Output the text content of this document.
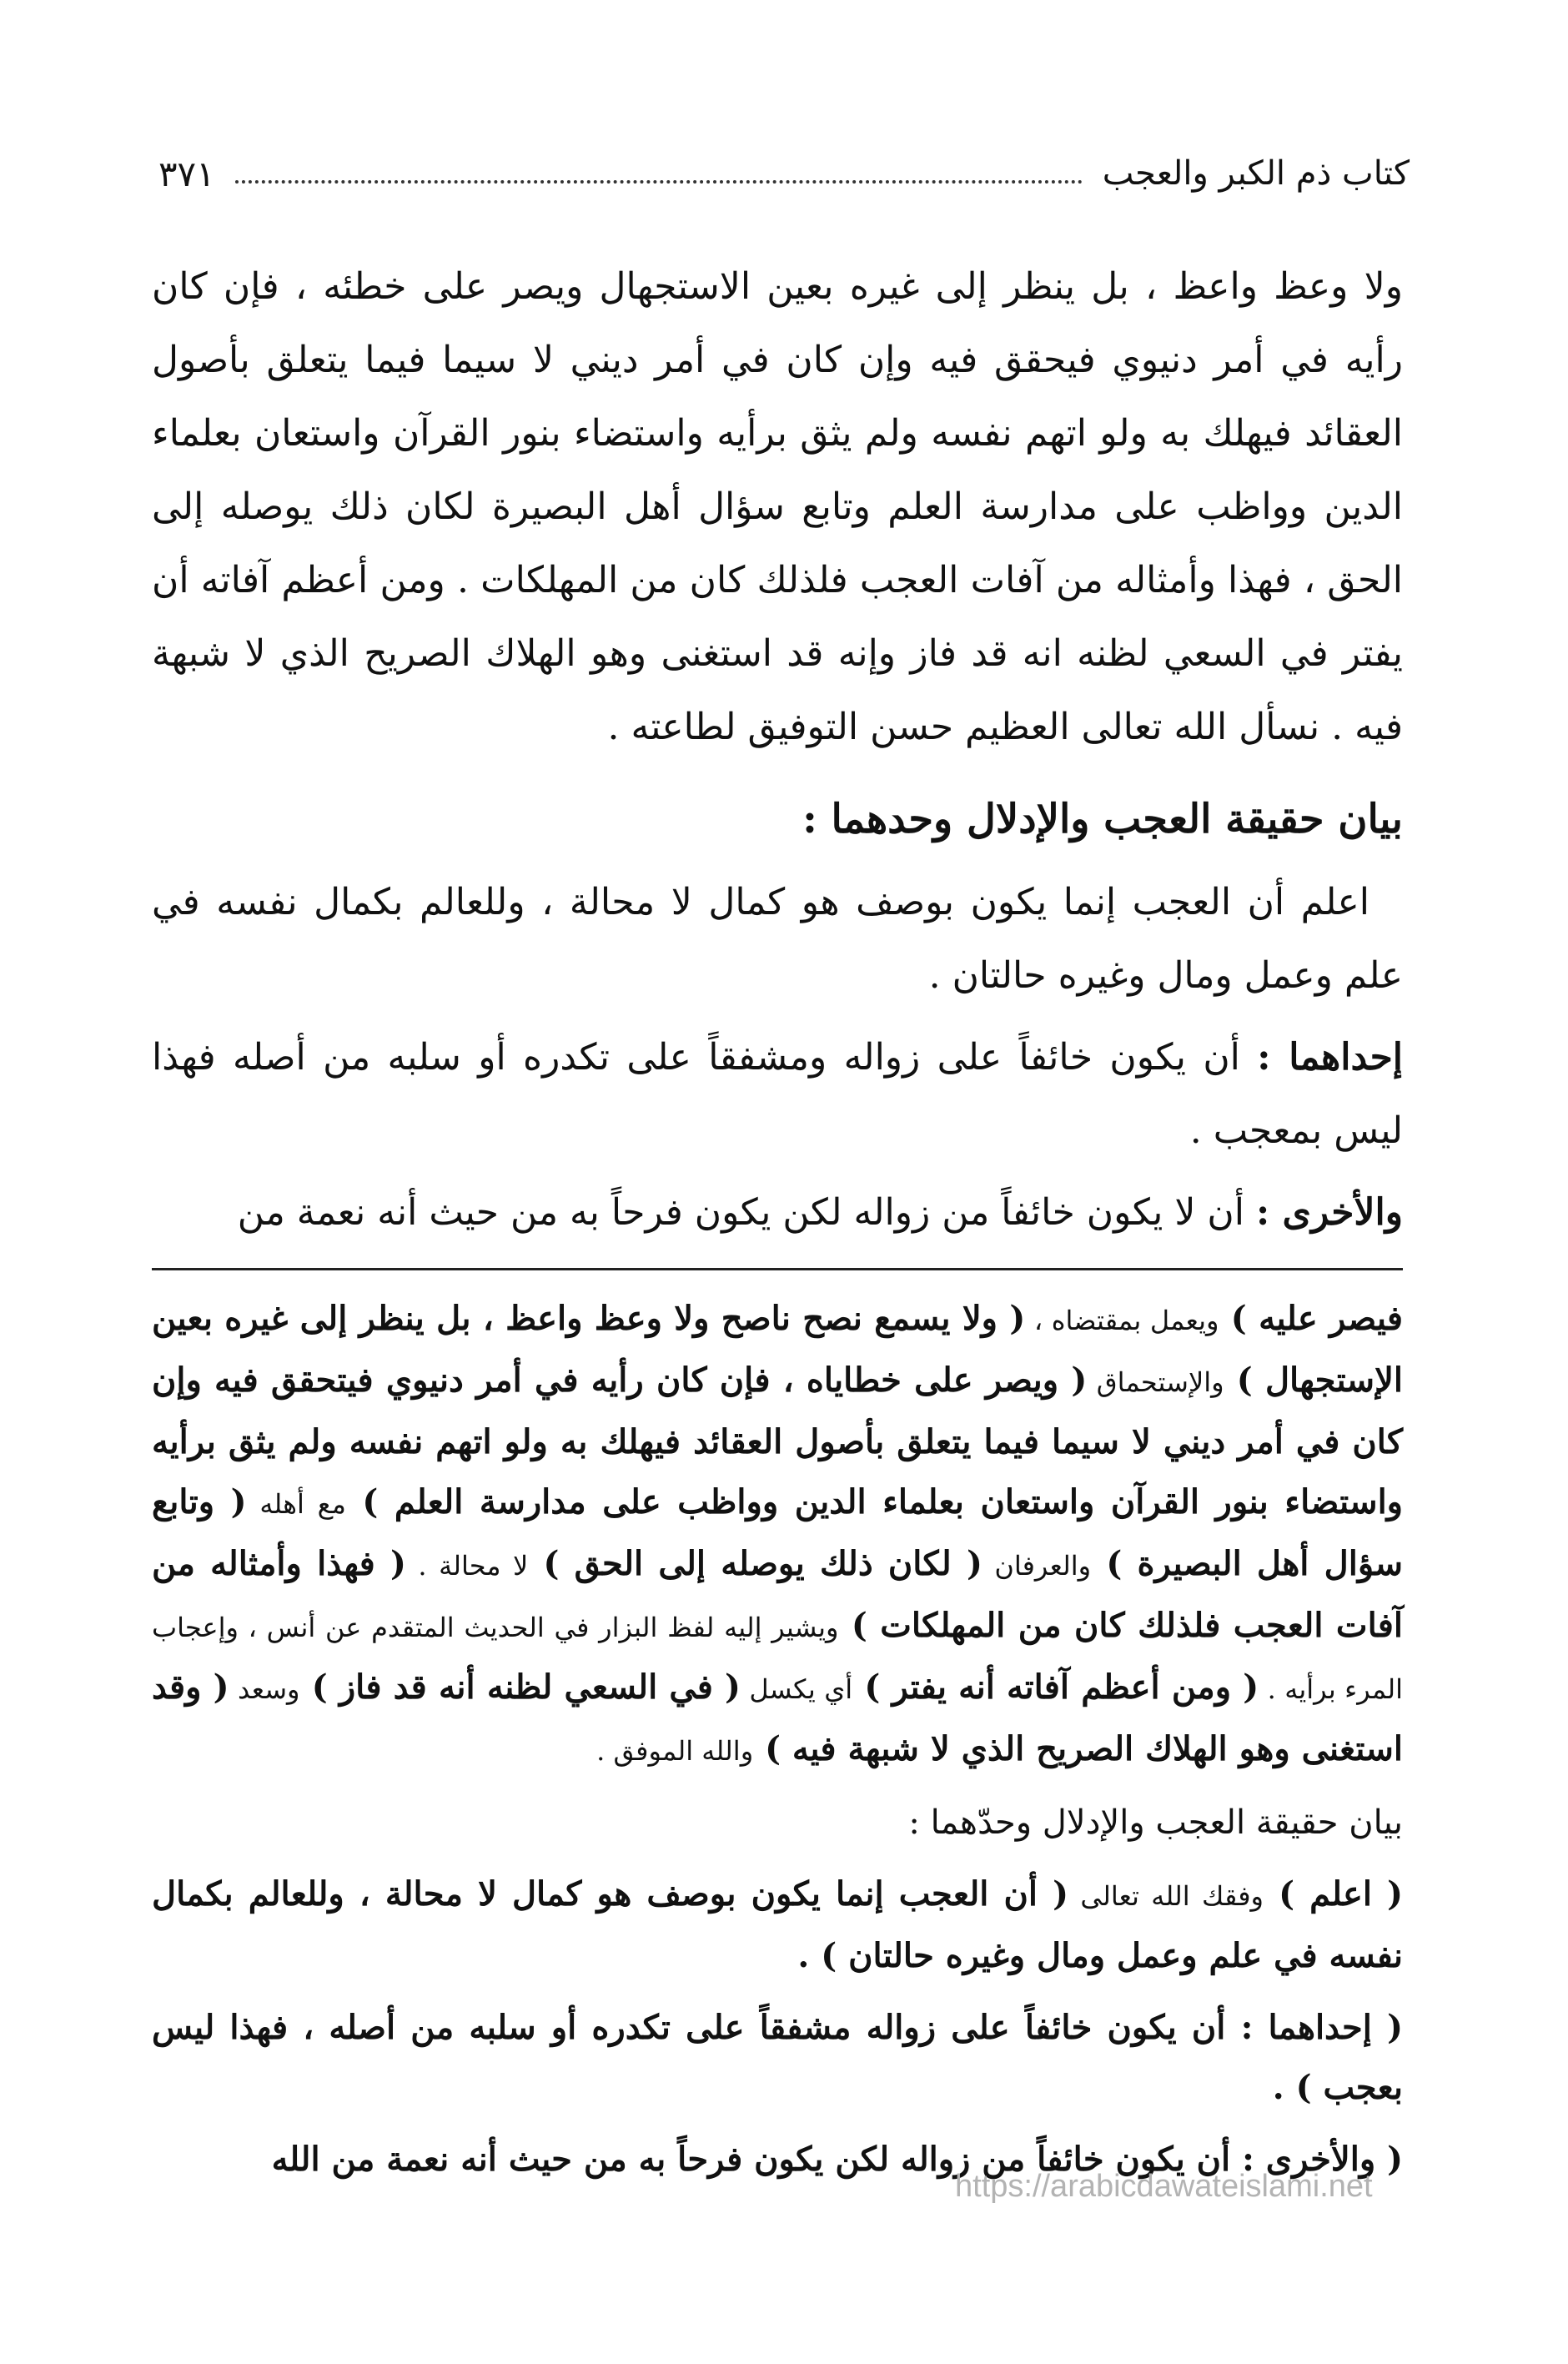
كتاب ذم الكبر والعجب
٣٧١

ولا وعظ واعظ ، بل ينظر إلى غيره بعين الاستجهال ويصر على خطئه ، فإن كان رأيه في أمر دنيوي فيحقق فيه وإن كان في أمر ديني لا سيما فيما يتعلق بأصول العقائد فيهلك به ولو اتهم نفسه ولم يثق برأيه واستضاء بنور القرآن واستعان بعلماء الدين وواظب على مدارسة العلم وتابع سؤال أهل البصيرة لكان ذلك يوصله إلى الحق ، فهذا وأمثاله من آفات العجب فلذلك كان من المهلكات . ومن أعظم آفاته أن يفتر في السعي لظنه انه قد فاز وإنه قد استغنى وهو الهلاك الصريح الذي لا شبهة فيه . نسأل الله تعالى العظيم حسن التوفيق لطاعته .

بيان حقيقة العجب والإدلال وحدهما :

اعلم أن العجب إنما يكون بوصف هو كمال لا محالة ، وللعالم بكمال نفسه في علم وعمل ومال وغيره حالتان .

إحداهما : أن يكون خائفاً على زواله ومشفقاً على تكدره أو سلبه من أصله فهذا ليس بمعجب .

والأخرى : أن لا يكون خائفاً من زواله لكن يكون فرحاً به من حيث أنه نعمة من

فيصر عليه ) ويعمل بمقتضاه ، ( ولا يسمع نصح ناصح ولا وعظ واعظ ، بل ينظر إلى غيره بعين الإستجهال ) والإستحماق ( ويصر على خطاياه ، فإن كان رأيه في أمر دنيوي فيتحقق فيه وإن كان في أمر ديني لا سيما فيما يتعلق بأصول العقائد فيهلك به ولو اتهم نفسه ولم يثق برأيه واستضاء بنور القرآن واستعان بعلماء الدين وواظب على مدارسة العلم ) مع أهله ( وتابع سؤال أهل البصيرة ) والعرفان ( لكان ذلك يوصله إلى الحق ) لا محالة . ( فهذا وأمثاله من آفات العجب فلذلك كان من المهلكات ) ويشير إليه لفظ البزار في الحديث المتقدم عن أنس ، وإعجاب المرء برأيه . ( ومن أعظم آفاته أنه يفتر ) أي يكسل ( في السعي لظنه أنه قد فاز ) وسعد ( وقد استغنى وهو الهلاك الصريح الذي لا شبهة فيه ) والله الموفق .

بيان حقيقة العجب والإدلال وحدّهما :

( اعلم ) وفقك الله تعالى ( أن العجب إنما يكون بوصف هو كمال لا محالة ، وللعالم بكمال نفسه في علم وعمل ومال وغيره حالتان ) .

( إحداهما : أن يكون خائفاً على زواله مشفقاً على تكدره أو سلبه من أصله ، فهذا ليس بعجب ) .

( والأخرى : أن يكون خائفاً من زواله لكن يكون فرحاً به من حيث أنه نعمة من الله

https://arabicdawateislami.net
